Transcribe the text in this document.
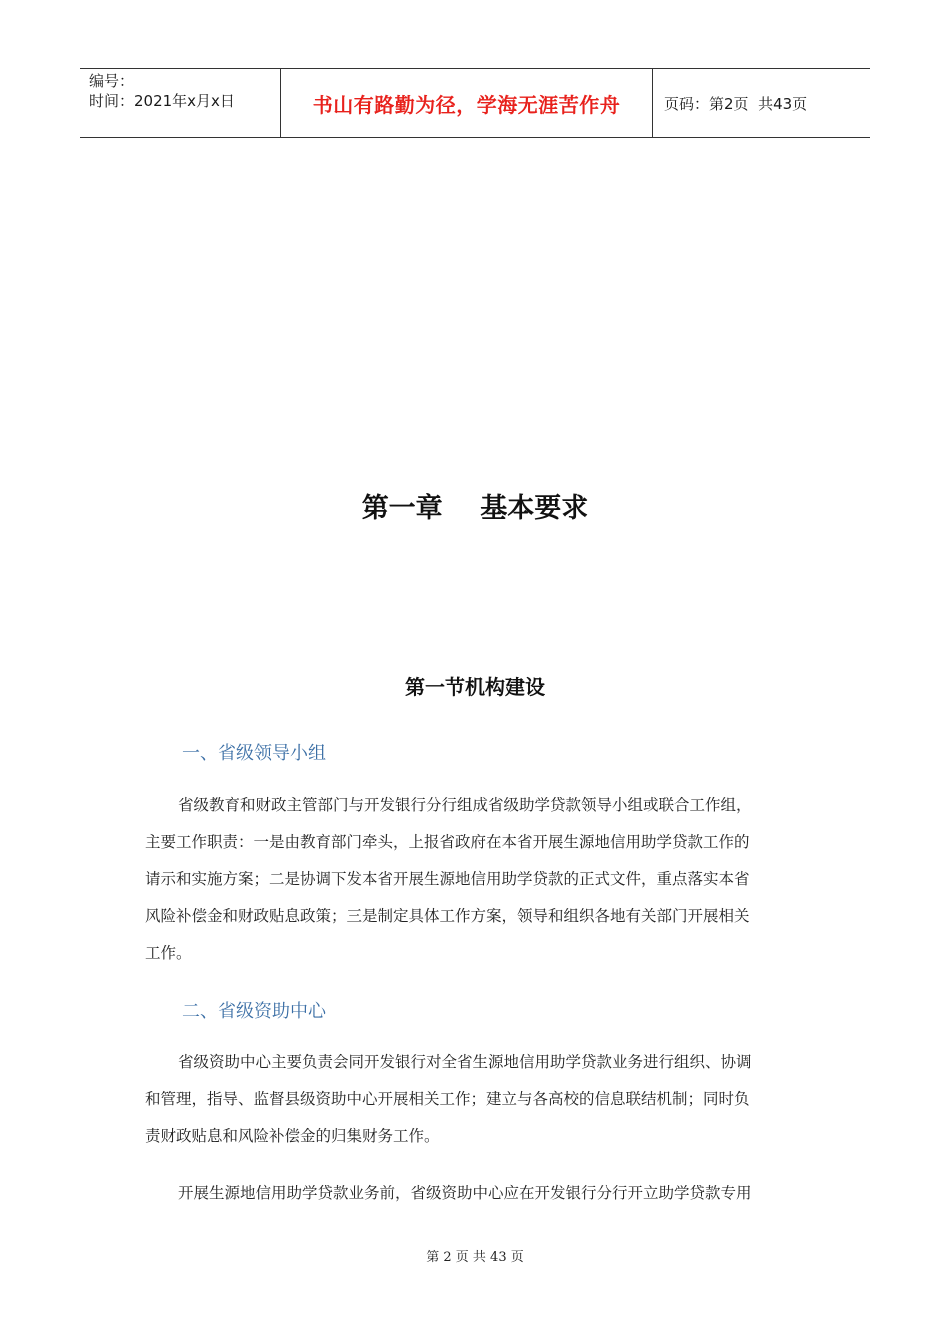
编号：
时间：2021年x月x日	书山有路勤为径，学海无涯苦作舟	页码：第2页  共43页
第一章    基本要求
第一节机构建设
一、省级领导小组

省级教育和财政主管部门与开发银行分行组成省级助学贷款领导小组或联合工作组，
主要工作职责：一是由教育部门牵头，上报省政府在本省开展生源地信用助学贷款工作的
请示和实施方案；二是协调下发本省开展生源地信用助学贷款的正式文件，重点落实本省
风险补偿金和财政贴息政策；三是制定具体工作方案，领导和组织各地有关部门开展相关
工作。

二、省级资助中心

省级资助中心主要负责会同开发银行对全省生源地信用助学贷款业务进行组织、协调
和管理，指导、监督县级资助中心开展相关工作；建立与各高校的信息联结机制；同时负
责财政贴息和风险补偿金的归集财务工作。

开展生源地信用助学贷款业务前，省级资助中心应在开发银行分行开立助学贷款专用

第 2 页 共 43 页
